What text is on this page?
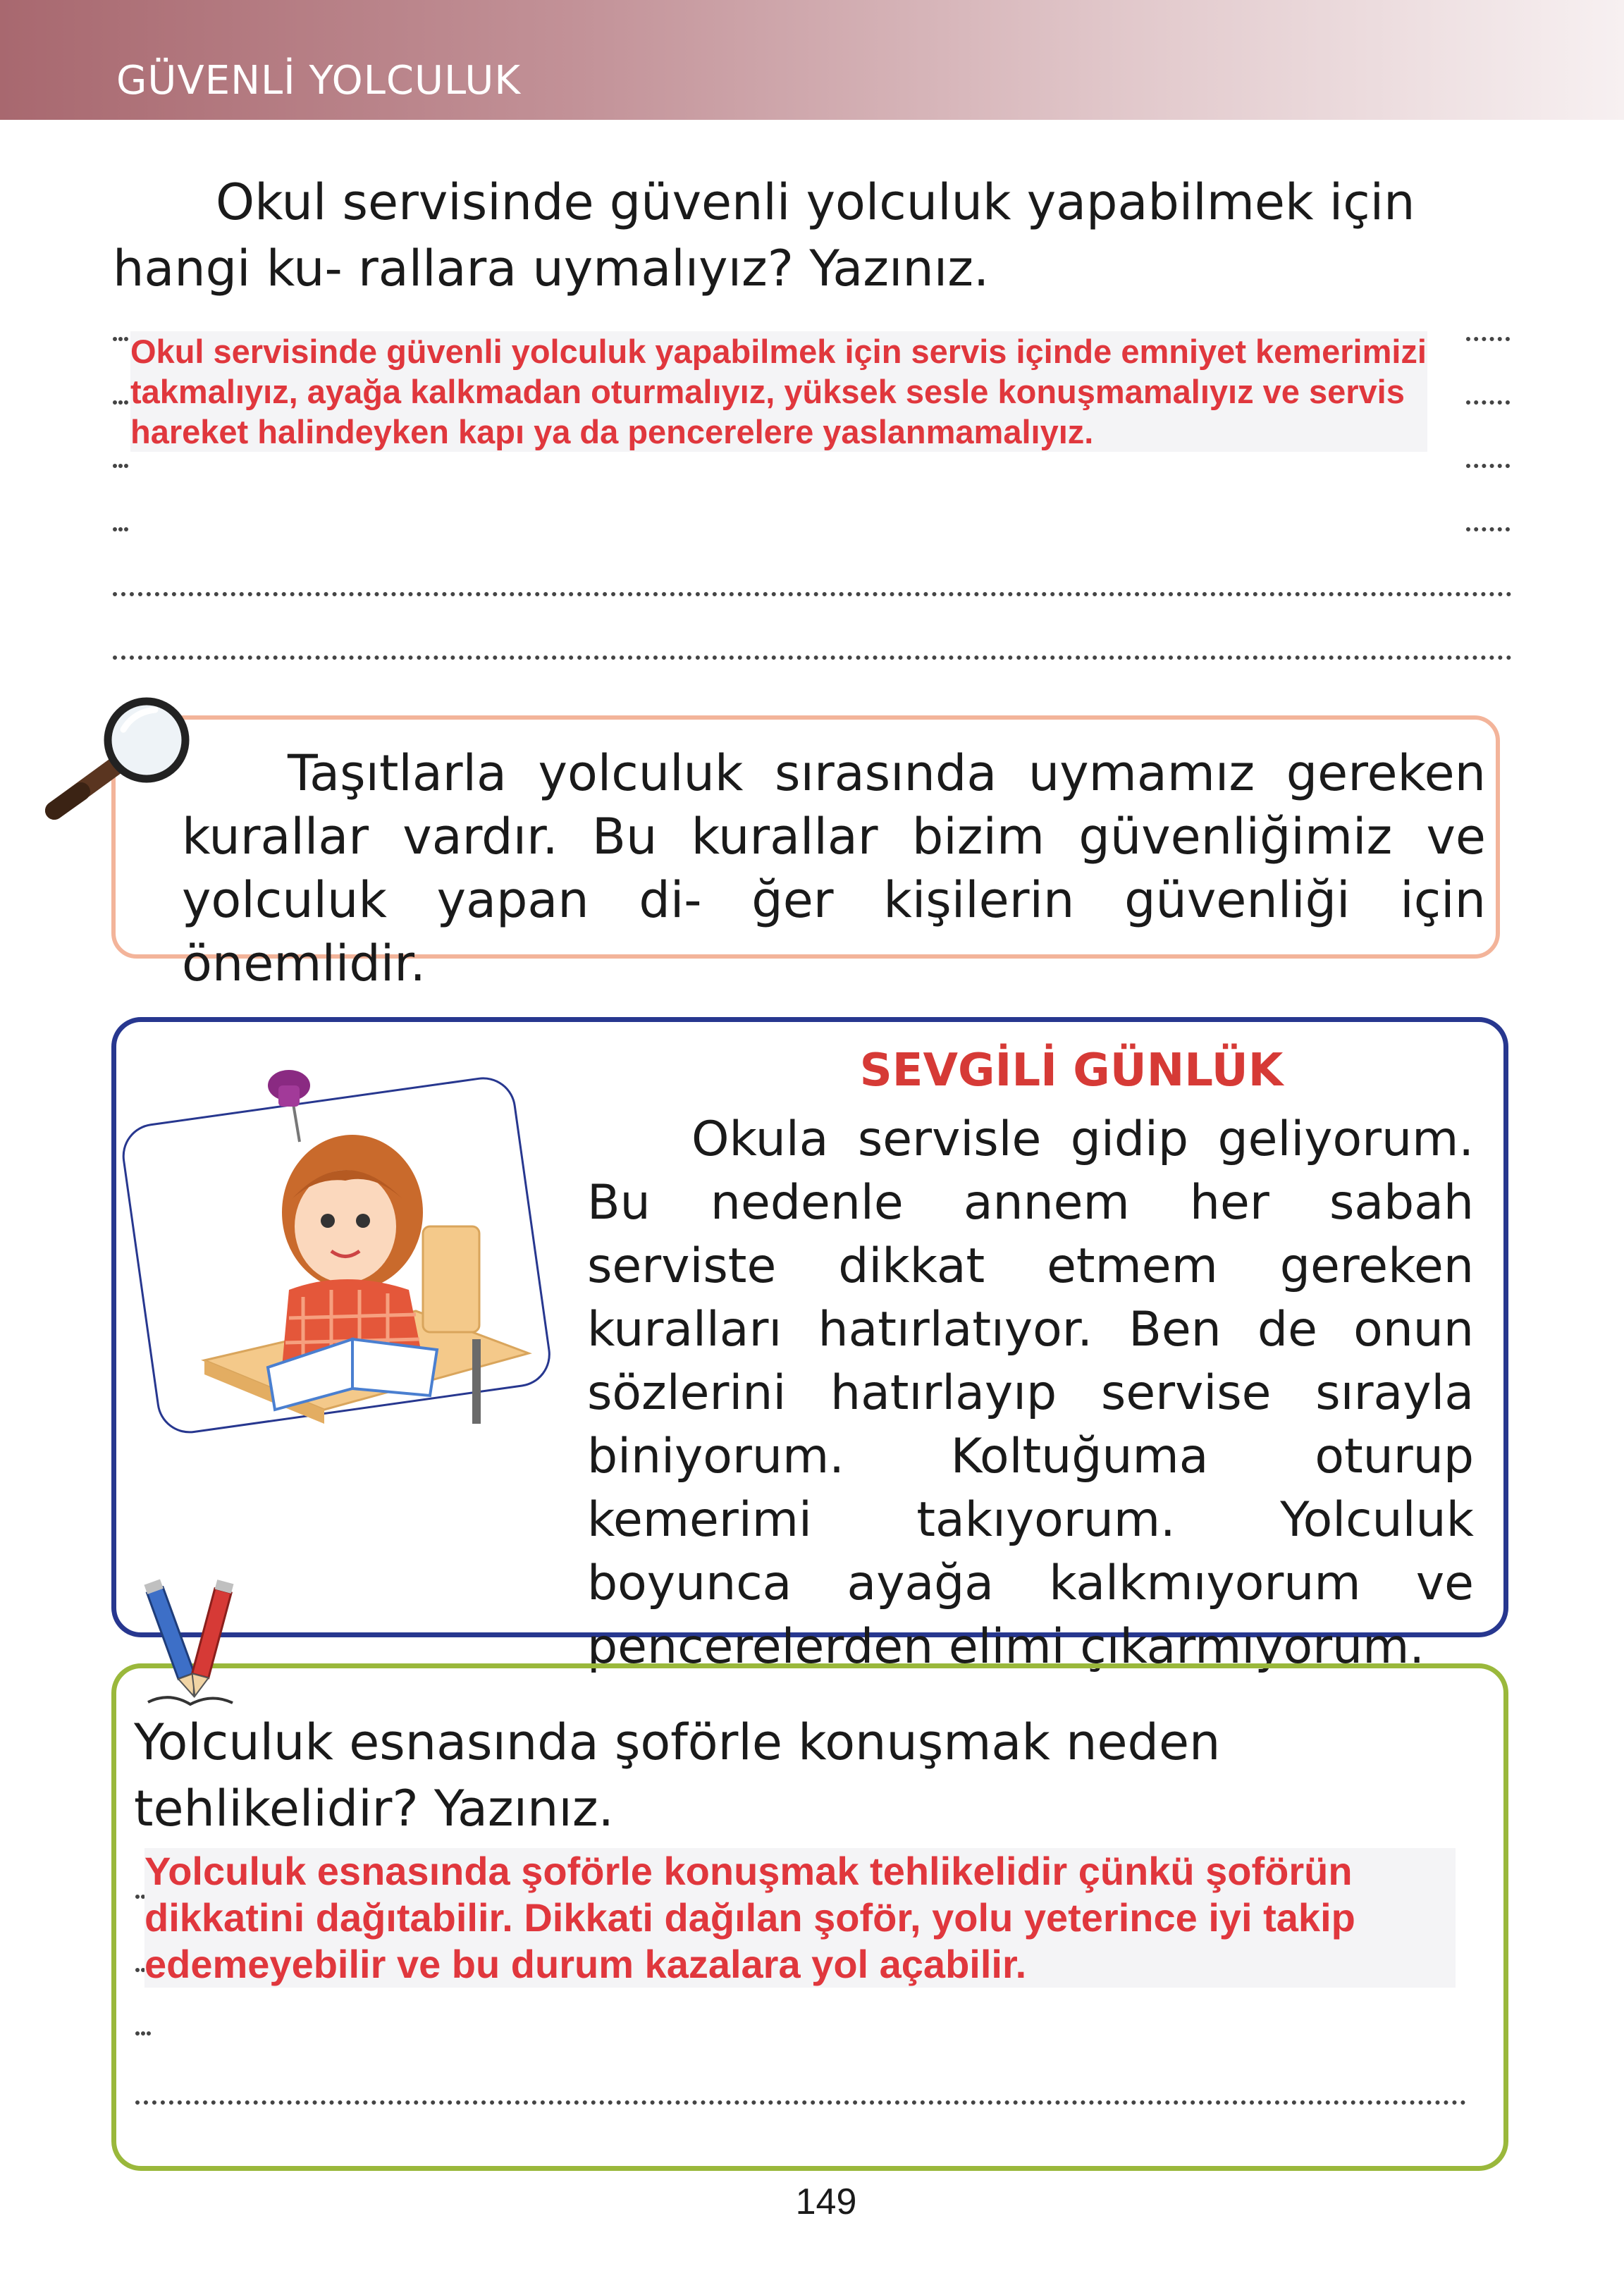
GÜVENLİ YOLCULUK
Okul servisinde güvenli yolculuk yapabilmek için hangi ku- rallara uymalıyız? Yazınız.
Okul servisinde güvenli yolculuk yapabilmek için servis içinde emniyet kemerimizi takmalıyız, ayağa kalkmadan oturmalıyız, yüksek sesle konuşmamalıyız ve servis hareket halindeyken kapı ya da pencerelere yaslanmamalıyız.
Taşıtlarla yolculuk sırasında uymamız gereken kurallar vardır. Bu kurallar bizim güvenliğimiz ve yolculuk yapan di- ğer kişilerin güvenliği için önemlidir.
SEVGİLİ GÜNLÜK
Okula servisle gidip geliyorum. Bu nedenle annem her sabah serviste dikkat etmem gereken kuralları hatırlatıyor. Ben de onun sözlerini hatırlayıp servise sırayla biniyorum. Koltuğuma oturup kemerimi takıyorum. Yolculuk boyunca ayağa kalkmıyorum ve pencerelerden elimi çıkarmıyorum.
Yolculuk esnasında şoförle konuşmak neden tehlikelidir? Yazınız.
Yolculuk esnasında şoförle konuşmak tehlikelidir çünkü şoförün dikkatini dağıtabilir. Dikkati dağılan şoför, yolu yeterince iyi takip edemeyebilir ve bu durum kazalara yol açabilir.
149
